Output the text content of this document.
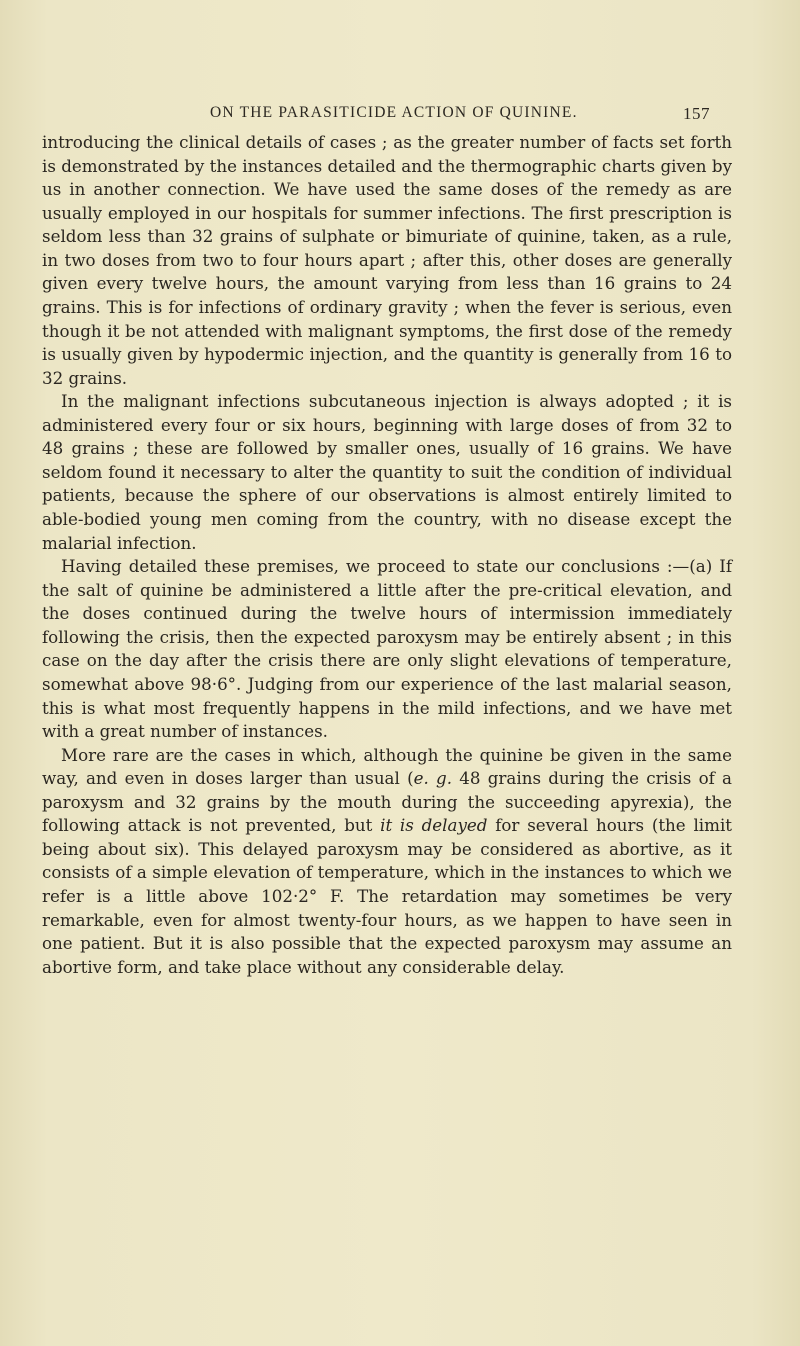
ON THE PARASITICIDE ACTION OF QUININE.	157

introducing the clinical details of cases ; as the greater number of facts set forth is demonstrated by the instances detailed and the thermographic charts given by us in another connection. We have used the same doses of the remedy as are usually employed in our hospitals for summer infections. The first prescription is seldom less than 32 grains of sulphate or bimuriate of quinine, taken, as a rule, in two doses from two to four hours apart ; after this, other doses are generally given every twelve hours, the amount varying from less than 16 grains to 24 grains. This is for infections of ordinary gravity ; when the fever is serious, even though it be not attended with malignant symptoms, the first dose of the remedy is usually given by hypodermic injection, and the quantity is generally from 16 to 32 grains.

In the malignant infections subcutaneous injection is always adopted ; it is administered every four or six hours, beginning with large doses of from 32 to 48 grains ; these are followed by smaller ones, usually of 16 grains. We have seldom found it necessary to alter the quantity to suit the condition of individual patients, because the sphere of our observations is almost entirely limited to able-bodied young men coming from the country, with no disease except the malarial infection.

Having detailed these premises, we proceed to state our conclusions :—(a) If the salt of quinine be administered a little after the pre-critical elevation, and the doses continued during the twelve hours of intermission immediately following the crisis, then the expected paroxysm may be entirely absent ; in this case on the day after the crisis there are only slight elevations of temperature, somewhat above 98·6°. Judging from our experience of the last malarial season, this is what most frequently happens in the mild infections, and we have met with a great number of instances.

More rare are the cases in which, although the quinine be given in the same way, and even in doses larger than usual (e. g. 48 grains during the crisis of a paroxysm and 32 grains by the mouth during the succeeding apyrexia), the following attack is not prevented, but it is delayed for several hours (the limit being about six). This delayed paroxysm may be considered as abortive, as it consists of a simple elevation of temperature, which in the instances to which we refer is a little above 102·2° F. The retardation may sometimes be very remarkable, even for almost twenty-four hours, as we happen to have seen in one patient. But it is also possible that the expected paroxysm may assume an abortive form, and take place without any considerable delay.
